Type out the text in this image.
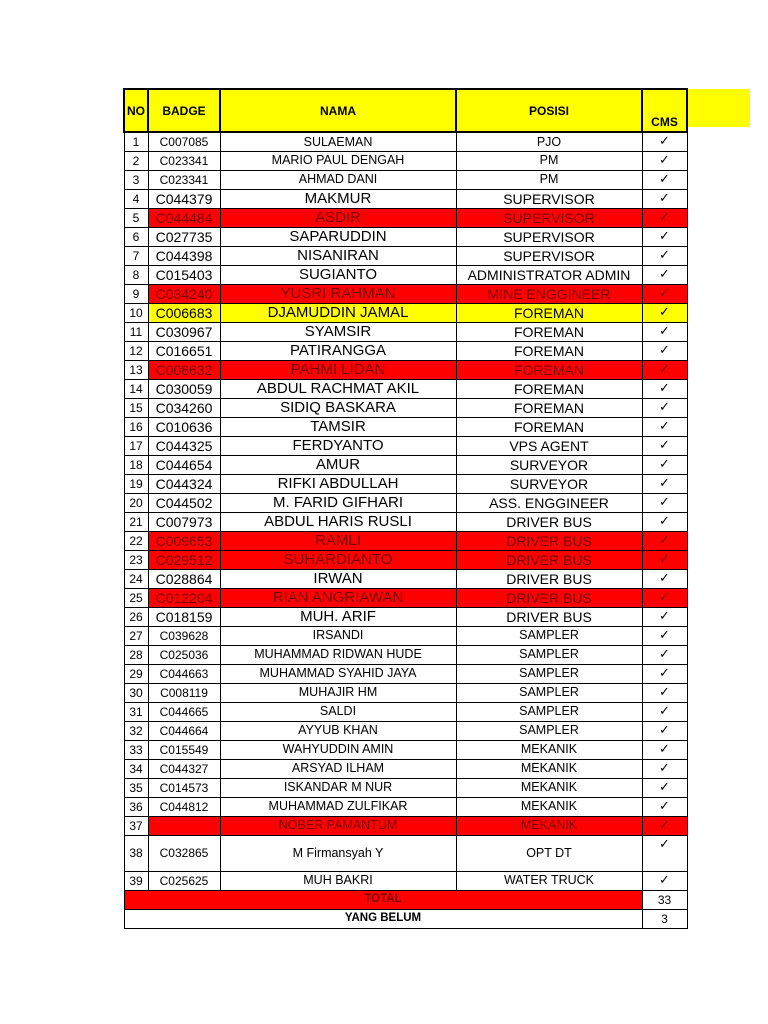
NO	BADGE	NAMA	POSISI	CMS
1	C007085	SULAEMAN	PJO	✓
2	C023341	MARIO PAUL DENGAH	PM	✓
3	C023341	AHMAD DANI	PM	✓
4	C044379	MAKMUR	SUPERVISOR	✓
5	C044484	ASDIR	SUPERVISOR	✓
6	C027735	SAPARUDDIN	SUPERVISOR	✓
7	C044398	NISANIRAN	SUPERVISOR	✓
8	C015403	SUGIANTO	ADMINISTRATOR ADMIN	✓
9	C034240	YUSRI RAHMAN	MINE ENGGINEER	✓
10	C006683	DJAMUDDIN JAMAL	FOREMAN	✓
11	C030967	SYAMSIR	FOREMAN	✓
12	C016651	PATIRANGGA	FOREMAN	✓
13	C008632	PAHMI LIDAN	FOREMAN	✓
14	C030059	ABDUL RACHMAT AKIL	FOREMAN	✓
15	C034260	SIDIQ BASKARA	FOREMAN	✓
16	C010636	TAMSIR	FOREMAN	✓
17	C044325	FERDYANTO	VPS AGENT	✓
18	C044654	AMUR	SURVEYOR	✓
19	C044324	RIFKI ABDULLAH	SURVEYOR	✓
20	C044502	M. FARID GIFHARI	ASS. ENGGINEER	✓
21	C007973	ABDUL HARIS RUSLI	DRIVER BUS	✓
22	C009653	RAMLI	DRIVER BUS	✓
23	C029512	SUHARDIANTO	DRIVER BUS	✓
24	C028864	IRWAN	DRIVER BUS	✓
25	C012204	RIAN ANGRIAWAN	DRIVER BUS	✓
26	C018159	MUH. ARIF	DRIVER BUS	✓
27	C039628	IRSANDI	SAMPLER	✓
28	C025036	MUHAMMAD RIDWAN HUDE	SAMPLER	✓
29	C044663	MUHAMMAD SYAHID JAYA	SAMPLER	✓
30	C008119	MUHAJIR HM	SAMPLER	✓
31	C044665	SALDI	SAMPLER	✓
32	C044664	AYYUB KHAN	SAMPLER	✓
33	C015549	WAHYUDDIN AMIN	MEKANIK	✓
34	C044327	ARSYAD ILHAM	MEKANIK	✓
35	C014573	ISKANDAR M NUR	MEKANIK	✓
36	C044812	MUHAMMAD ZULFIKAR	MEKANIK	✓
37		NOBER PAMANTUM	MEKANIK	✓
38	C032865	M Firmansyah Y	OPT DT	✓
39	C025625	MUH BAKRI	WATER TRUCK	✓
TOTAL				33
YANG BELUM				3
